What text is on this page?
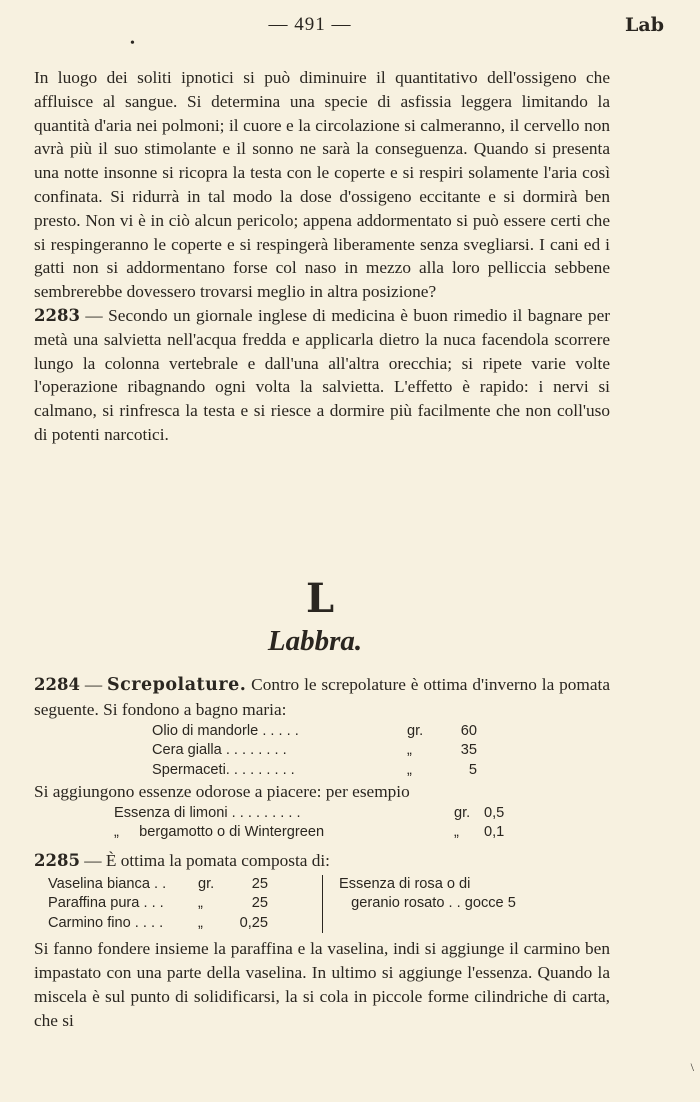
— 491 —	Lab
•

In luogo dei soliti ipnotici si può diminuire il quantitativo dell'ossigeno che affluisce al sangue. Si determina una specie di asfissia leggera limitando la quantità d'aria nei polmoni; il cuore e la circolazione si calmeranno, il cervello non avrà più il suo stimolante e il sonno ne sarà la conseguenza. Quando si presenta una notte insonne si ricopra la testa con le coperte e si respiri solamente l'aria così confinata. Si ridurrà in tal modo la dose d'ossigeno eccitante e si dormirà ben presto. Non vi è in ciò alcun pericolo; appena addormentato si può essere certi che si respingeranno le coperte e si respingerà liberamente senza svegliarsi. I cani ed i gatti non si addormentano forse col naso in mezzo alla loro pelliccia sebbene sembrerebbe dovessero trovarsi meglio in altra posizione?

2283 — Secondo un giornale inglese di medicina è buon rimedio il bagnare per metà una salvietta nell'acqua fredda e applicarla dietro la nuca facendola scorrere lungo la colonna vertebrale e dall'una all'altra orecchia; si ripete varie volte l'operazione ribagnando ogni volta la salvietta. L'effetto è rapido: i nervi si calmano, si rinfresca la testa e si riesce a dormire più facilmente che non coll'uso di potenti narcotici.

L
Labbra.

2284 — Screpolature. Contro le screpolature è ottima d'inverno la pomata seguente. Si fondono a bagno maria:

Olio di mandorle . . . . .	gr.	60
Cera gialla . . . . . . . .	„	35
Spermaceti. . . . . . . . .	„	5

Si aggiungono essenze odorose a piacere: per esempio

Essenza di limoni . . . . . . . . .	gr. 0,5
„     bergamotto o di Wintergreen	„	0,1

2285 — È ottima la pomata composta di:

Vaselina bianca . .	gr.	25
Paraffina pura . . .	„	25
Carmino fino . . . .	„	0,25
Essenza di rosa o di
geranio rosato . . gocce 5

Si fanno fondere insieme la paraffina e la vaselina, indi si aggiunge il carmino ben impastato con una parte della vaselina. In ultimo si aggiunge l'essenza. Quando la miscela è sul punto di solidificarsi, la si cola in piccole forme cilindriche di carta, che si

\
